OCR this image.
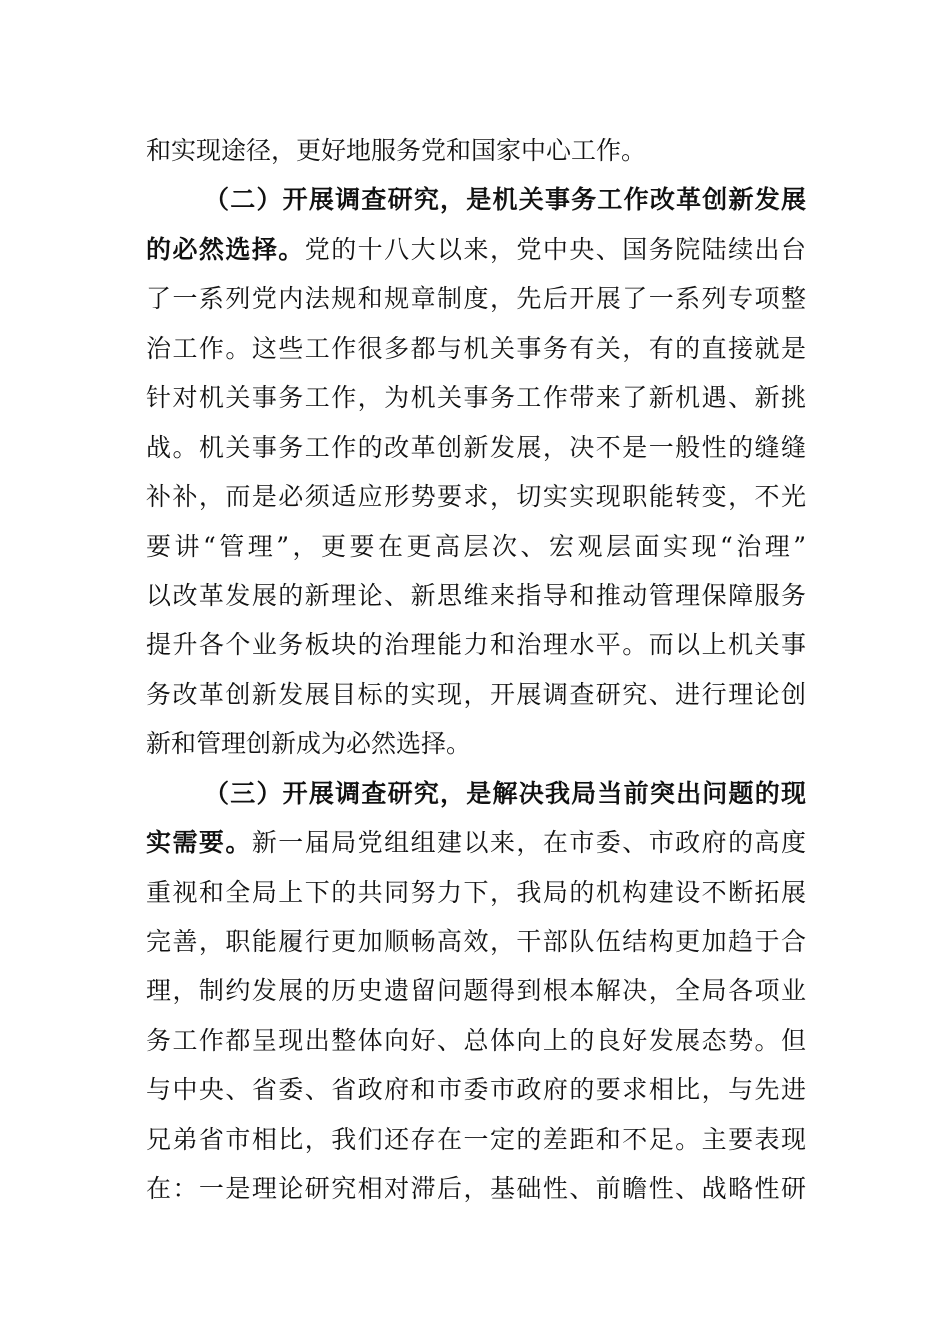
和实现途径，更好地服务党和国家中心工作。
（二）开展调查研究，是机关事务工作改革创新发展
的必然选择。党的十八大以来，党中央、国务院陆续出台
了一系列党内法规和规章制度，先后开展了一系列专项整
治工作。这些工作很多都与机关事务有关，有的直接就是
针对机关事务工作，为机关事务工作带来了新机遇、新挑
战。机关事务工作的改革创新发展，决不是一般性的缝缝
补补，而是必须适应形势要求，切实实现职能转变，不光
要讲“管理”，更要在更高层次、宏观层面实现“治理”
以改革发展的新理论、新思维来指导和推动管理保障服务
提升各个业务板块的治理能力和治理水平。而以上机关事
务改革创新发展目标的实现，开展调查研究、进行理论创
新和管理创新成为必然选择。
（三）开展调查研究，是解决我局当前突出问题的现
实需要。新一届局党组组建以来，在市委、市政府的高度
重视和全局上下的共同努力下，我局的机构建设不断拓展
完善，职能履行更加顺畅高效，干部队伍结构更加趋于合
理，制约发展的历史遗留问题得到根本解决，全局各项业
务工作都呈现出整体向好、总体向上的良好发展态势。但
与中央、省委、省政府和市委市政府的要求相比，与先进
兄弟省市相比，我们还存在一定的差距和不足。主要表现
在：一是理论研究相对滞后，基础性、前瞻性、战略性研
